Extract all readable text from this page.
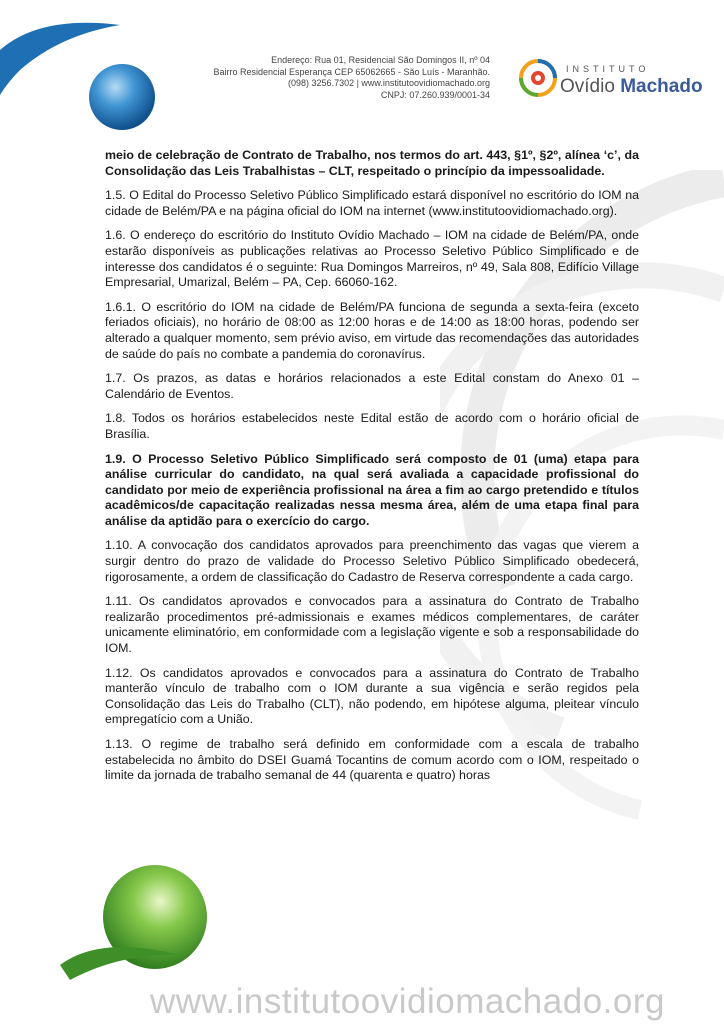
Endereço: Rua 01, Residencial São Domingos II, nº 04
Bairro Residencial Esperança CEP 65062665 - São Luís - Maranhão.
(098) 3256.7302 | www.institutoovidiomachado.org
CNPJ: 07.260.939/0001-34
INSTITUTO
Ovídio Machado

meio de celebração de Contrato de Trabalho, nos termos do art. 443, §1º, §2º, alínea ‘c’, da Consolidação das Leis Trabalhistas – CLT, respeitado o princípio da impessoalidade.

1.5. O Edital do Processo Seletivo Público Simplificado estará disponível no escritório do IOM na cidade de Belém/PA e na página oficial do IOM na internet (www.institutoovidiomachado.org).

1.6. O endereço do escritório do Instituto Ovídio Machado – IOM na cidade de Belém/PA, onde estarão disponíveis as publicações relativas ao Processo Seletivo Público Simplificado e de interesse dos candidatos é o seguinte: Rua Domingos Marreiros, nº 49, Sala 808, Edifício Village Empresarial, Umarizal, Belém – PA, Cep. 66060-162.

1.6.1. O escritório do IOM na cidade de Belém/PA funciona de segunda a sexta-feira (exceto feriados oficiais), no horário de 08:00 as 12:00 horas e de 14:00 as 18:00 horas, podendo ser alterado a qualquer momento, sem prévio aviso, em virtude das recomendações das autoridades de saúde do país no combate a pandemia do coronavírus.

1.7. Os prazos, as datas e horários relacionados a este Edital constam do Anexo 01 – Calendário de Eventos.

1.8. Todos os horários estabelecidos neste Edital estão de acordo com o horário oficial de Brasília.

1.9. O Processo Seletivo Público Simplificado será composto de 01 (uma) etapa para análise curricular do candidato, na qual será avaliada a capacidade profissional do candidato por meio de experiência profissional na área a fim ao cargo pretendido e títulos acadêmicos/de capacitação realizadas nessa mesma área, além de uma etapa final para análise da aptidão para o exercício do cargo.

1.10. A convocação dos candidatos aprovados para preenchimento das vagas que vierem a surgir dentro do prazo de validade do Processo Seletivo Público Simplificado obedecerá, rigorosamente, a ordem de classificação do Cadastro de Reserva correspondente a cada cargo.

1.11. Os candidatos aprovados e convocados para a assinatura do Contrato de Trabalho realizarão procedimentos pré-admissionais e exames médicos complementares, de caráter unicamente eliminatório, em conformidade com a legislação vigente e sob a responsabilidade do IOM.

1.12. Os candidatos aprovados e convocados para a assinatura do Contrato de Trabalho manterão vínculo de trabalho com o IOM durante a sua vigência e serão regidos pela Consolidação das Leis do Trabalho (CLT), não podendo, em hipótese alguma, pleitear vínculo empregatício com a União.

1.13. O regime de trabalho será definido em conformidade com a escala de trabalho estabelecida no âmbito do DSEI Guamá Tocantins de comum acordo com o IOM, respeitado o limite da jornada de trabalho semanal de 44 (quarenta e quatro) horas

www.institutoovidiomachado.org
